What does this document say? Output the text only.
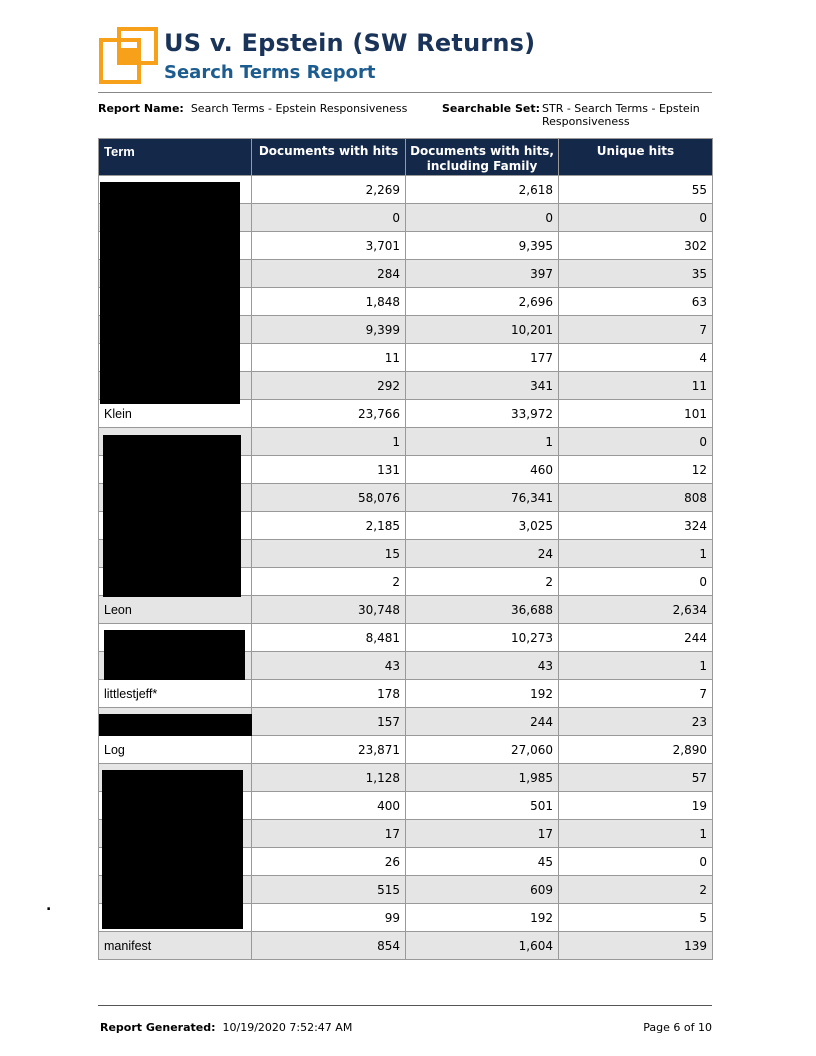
US v. Epstein (SW Returns)
Search Terms Report
Report Name: Search Terms - Epstein Responsiveness	Searchable Set: STR - Search Terms - Epstein Responsiveness
Term	Documents with hits	Documents with hits, including Family	Unique hits
	2,269	2,618	55
	0	0	0
	3,701	9,395	302
	284	397	35
	1,848	2,696	63
	9,399	10,201	7
	11	177	4
	292	341	11
Klein	23,766	33,972	101
	1	1	0
	131	460	12
	58,076	76,341	808
	2,185	3,025	324
	15	24	1
	2	2	0
Leon	30,748	36,688	2,634
	8,481	10,273	244
	43	43	1
littlestjeff*	178	192	7
	157	244	23
Log	23,871	27,060	2,890
	1,128	1,985	57
	400	501	19
	17	17	1
	26	45	0
	515	609	2
	99	192	5
manifest	854	1,604	139
.
Report Generated: 10/19/2020 7:52:47 AM	Page 6 of 10
